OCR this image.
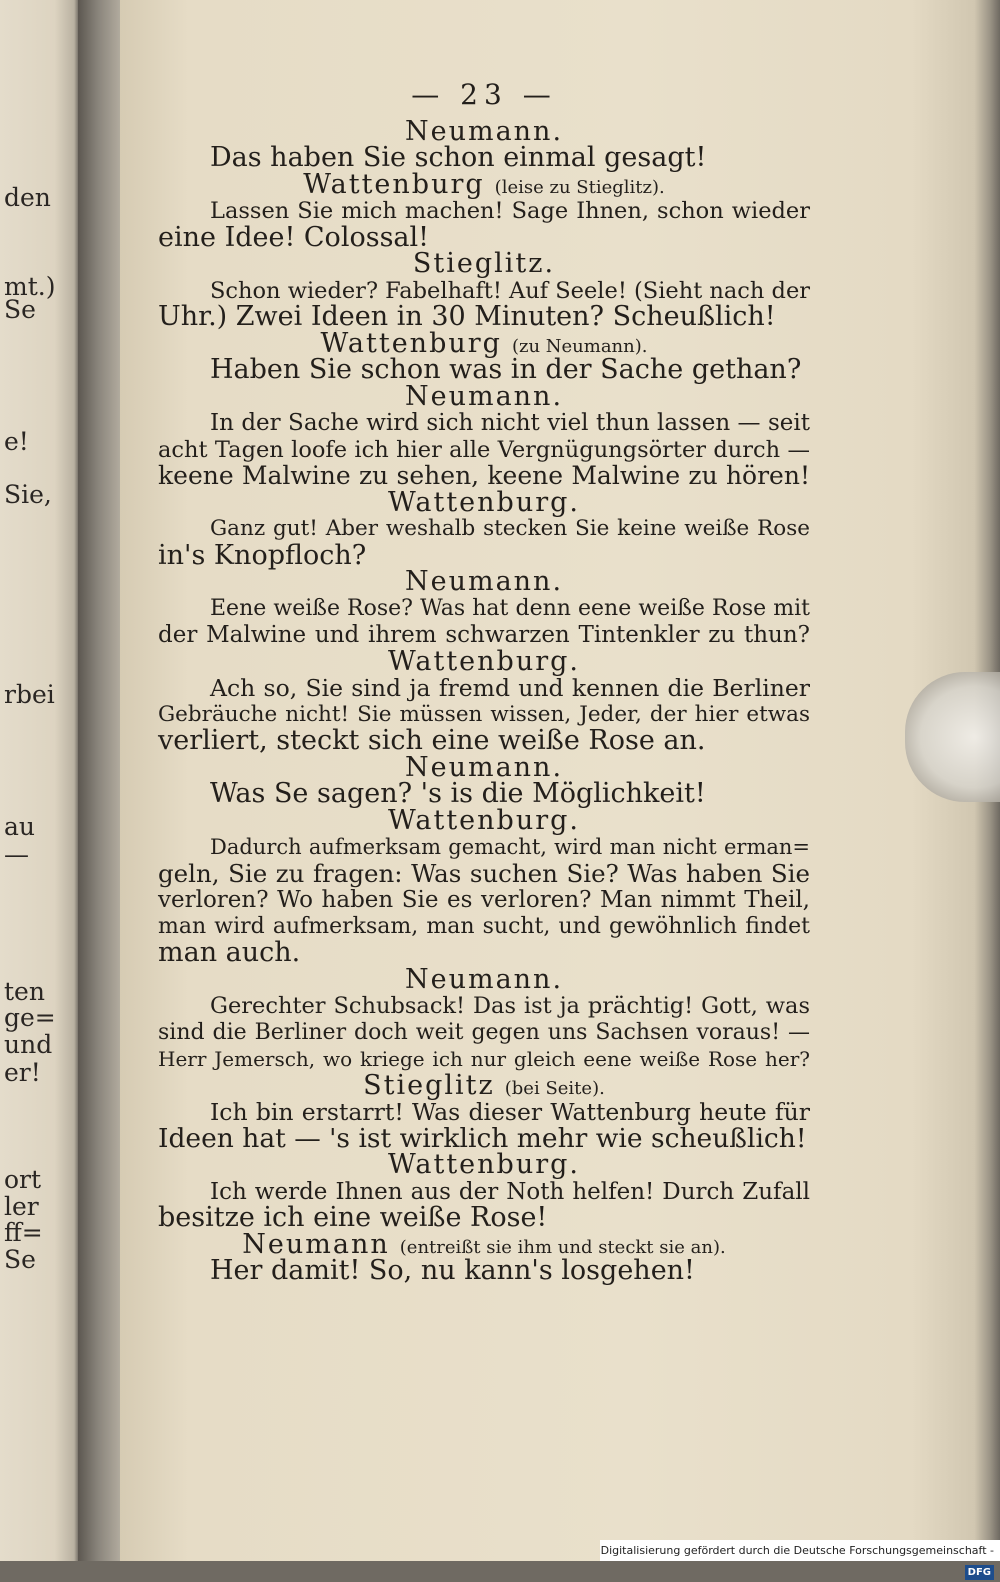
den
mt.)
Se
e!
Sie,
rbei
au
—
ten
ge=
und
er!
ort
ler
ff=
Se
— 23 —
Neumann.
Das haben Sie schon einmal gesagt!
Wattenburg (leise zu Stieglitz).
Lassen Sie mich machen! Sage Ihnen, schon wieder
eine Idee! Colossal!
Stieglitz.
Schon wieder? Fabelhaft! Auf Seele! (Sieht nach der
Uhr.) Zwei Ideen in 30 Minuten? Scheußlich!
Wattenburg (zu Neumann).
Haben Sie schon was in der Sache gethan?
Neumann.
In der Sache wird sich nicht viel thun lassen — seit
acht Tagen loofe ich hier alle Vergnügungsörter durch —
keene Malwine zu sehen, keene Malwine zu hören!
Wattenburg.
Ganz gut! Aber weshalb stecken Sie keine weiße Rose
in's Knopfloch?
Neumann.
Eene weiße Rose? Was hat denn eene weiße Rose mit
der Malwine und ihrem schwarzen Tintenkler zu thun?
Wattenburg.
Ach so, Sie sind ja fremd und kennen die Berliner
Gebräuche nicht! Sie müssen wissen, Jeder, der hier etwas
verliert, steckt sich eine weiße Rose an.
Neumann.
Was Se sagen? 's is die Möglichkeit!
Wattenburg.
Dadurch aufmerksam gemacht, wird man nicht erman=
geln, Sie zu fragen: Was suchen Sie? Was haben Sie
verloren? Wo haben Sie es verloren? Man nimmt Theil,
man wird aufmerksam, man sucht, und gewöhnlich findet
man auch.
Neumann.
Gerechter Schubsack! Das ist ja prächtig! Gott, was
sind die Berliner doch weit gegen uns Sachsen voraus! —
Herr Jemersch, wo kriege ich nur gleich eene weiße Rose her?
Stieglitz (bei Seite).
Ich bin erstarrt! Was dieser Wattenburg heute für
Ideen hat — 's ist wirklich mehr wie scheußlich!
Wattenburg.
Ich werde Ihnen aus der Noth helfen! Durch Zufall
besitze ich eine weiße Rose!
Neumann (entreißt sie ihm und steckt sie an).
Her damit! So, nu kann's losgehen!
Digitalisierung gefördert durch die Deutsche Forschungsgemeinschaft -DFG
